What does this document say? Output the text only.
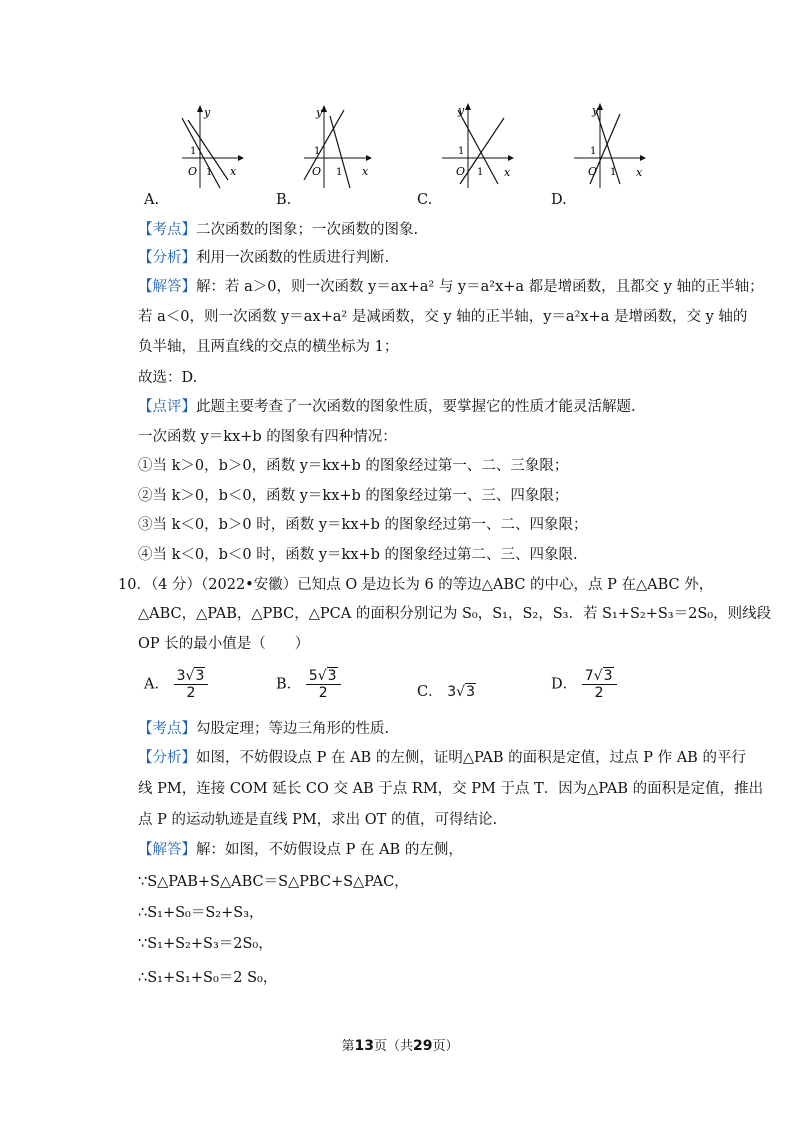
y
O 1
1
x
y
O 1
1
x
y
O 1
1
x
y
O 1
1
x
A.	B.	C.	D.
【考点】二次函数的图象；一次函数的图象.
【分析】利用一次函数的性质进行判断.
【解答】解：若 a＞0，则一次函数 y＝ax+a² 与 y＝a²x+a 都是增函数，且都交 y 轴的正半轴；
若 a＜0，则一次函数 y＝ax+a² 是减函数，交 y 轴的正半轴，y＝a²x+a 是增函数，交 y 轴的
负半轴，且两直线的交点的横坐标为 1；
故选：D.
【点评】此题主要考查了一次函数的图象性质，要掌握它的性质才能灵活解题.
一次函数 y＝kx+b 的图象有四种情况：
①当 k＞0，b＞0，函数 y＝kx+b 的图象经过第一、二、三象限；
②当 k＞0，b＜0，函数 y＝kx+b 的图象经过第一、三、四象限；
③当 k＜0，b＞0 时，函数 y＝kx+b 的图象经过第一、二、四象限；
④当 k＜0，b＜0 时，函数 y＝kx+b 的图象经过第二、三、四象限.
10．（4 分）（2022•安徽）已知点 O 是边长为 6 的等边△ABC 的中心，点 P 在△ABC 外，
△ABC，△PAB，△PBC，△PCA 的面积分别记为 S₀，S₁，S₂，S₃．若 S₁+S₂+S₃＝2S₀，则线段
OP 长的最小值是（　　）
A． $\frac{3√3}{2}$	B． $\frac{5√3}{2}$	C． 3√3	D． $\frac{7√3}{2}$
【考点】勾股定理；等边三角形的性质.
【分析】如图，不妨假设点 P 在 AB 的左侧，证明△PAB 的面积是定值，过点 P 作 AB 的平行
线 PM，连接 COM 延长 CO 交 AB 于点 RM，交 PM 于点 T．因为△PAB 的面积是定值，推出
点 P 的运动轨迹是直线 PM，求出 OT 的值，可得结论.
【解答】解：如图，不妨假设点 P 在 AB 的左侧，
∵S△PAB+S△ABC＝S△PBC+S△PAC，
∴S₁+S₀＝S₂+S₃，
∵S₁+S₂+S₃＝2S₀，
∴S₁+S₁+S₀＝2 S₀，
第13页（共29页）
